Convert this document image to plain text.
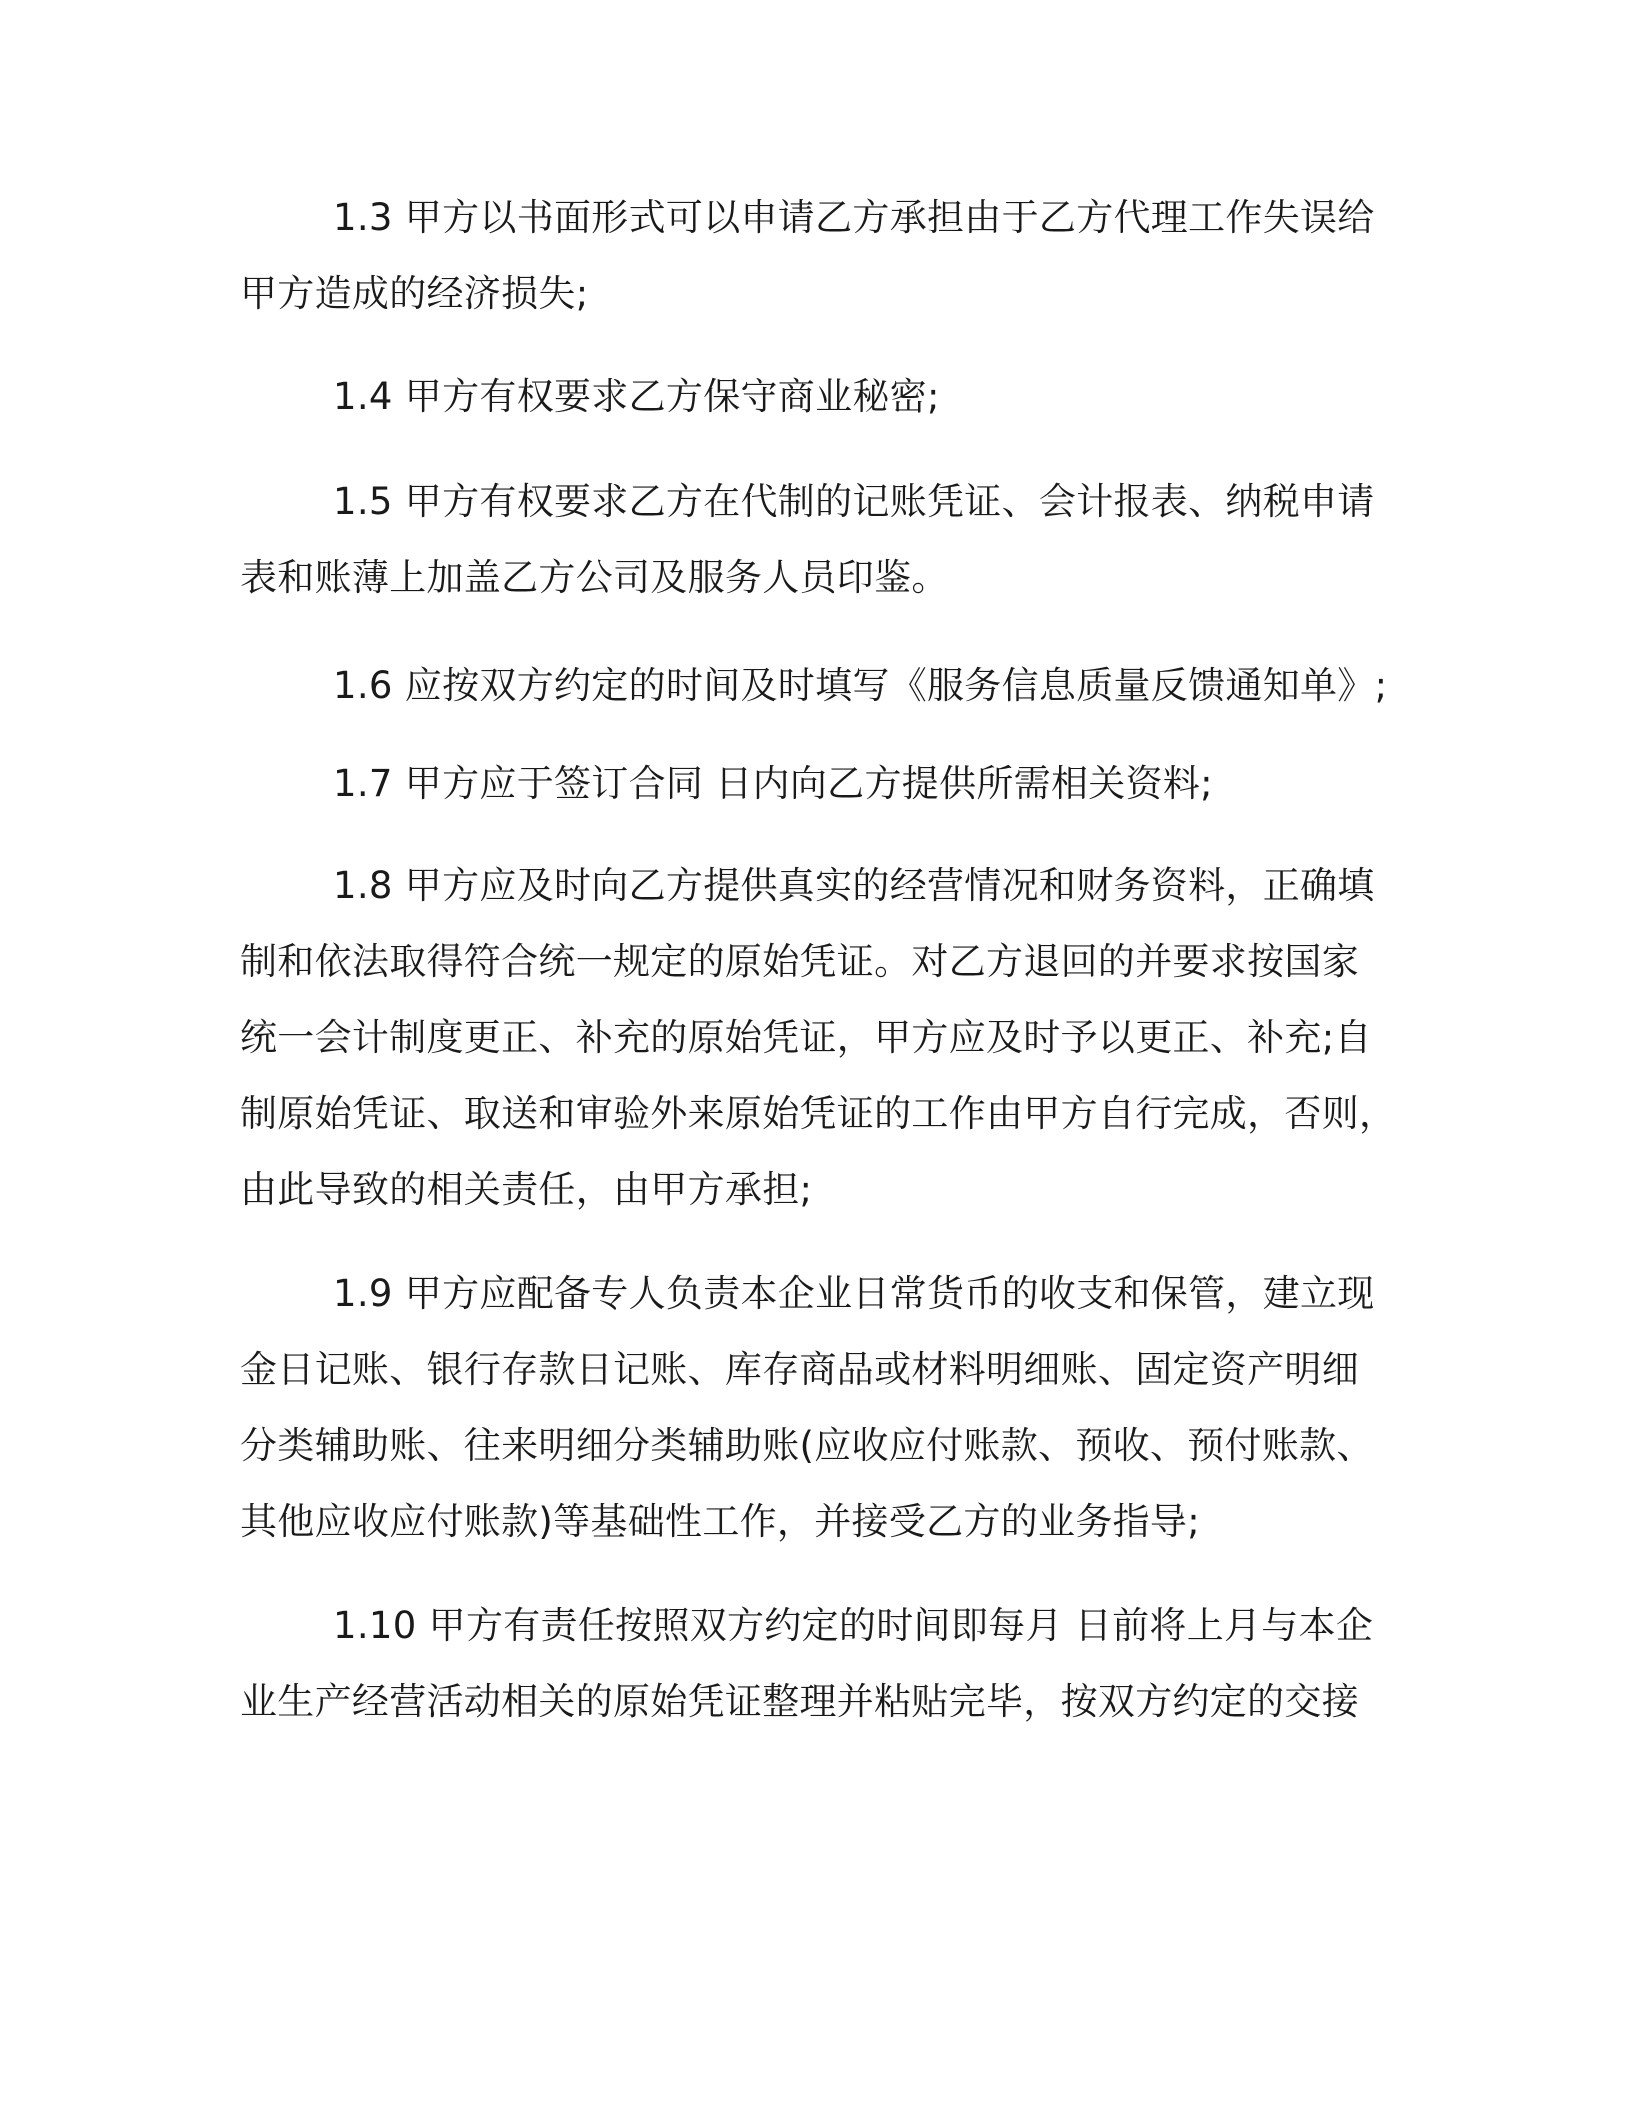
1.3 甲方以书面形式可以申请乙方承担由于乙方代理工作失误给
甲方造成的经济损失;
1.4 甲方有权要求乙方保守商业秘密;
1.5 甲方有权要求乙方在代制的记账凭证、会计报表、纳税申请
表和账薄上加盖乙方公司及服务人员印鉴。
1.6 应按双方约定的时间及时填写《服务信息质量反馈通知单》;
1.7 甲方应于签订合同 日内向乙方提供所需相关资料;
1.8 甲方应及时向乙方提供真实的经营情况和财务资料，正确填
制和依法取得符合统一规定的原始凭证。对乙方退回的并要求按国家
统一会计制度更正、补充的原始凭证，甲方应及时予以更正、补充;自
制原始凭证、取送和审验外来原始凭证的工作由甲方自行完成，否则，
由此导致的相关责任，由甲方承担;
1.9 甲方应配备专人负责本企业日常货币的收支和保管，建立现
金日记账、银行存款日记账、库存商品或材料明细账、固定资产明细
分类辅助账、往来明细分类辅助账(应收应付账款、预收、预付账款、
其他应收应付账款)等基础性工作，并接受乙方的业务指导;
1.10 甲方有责任按照双方约定的时间即每月 日前将上月与本企
业生产经营活动相关的原始凭证整理并粘贴完毕，按双方约定的交接
